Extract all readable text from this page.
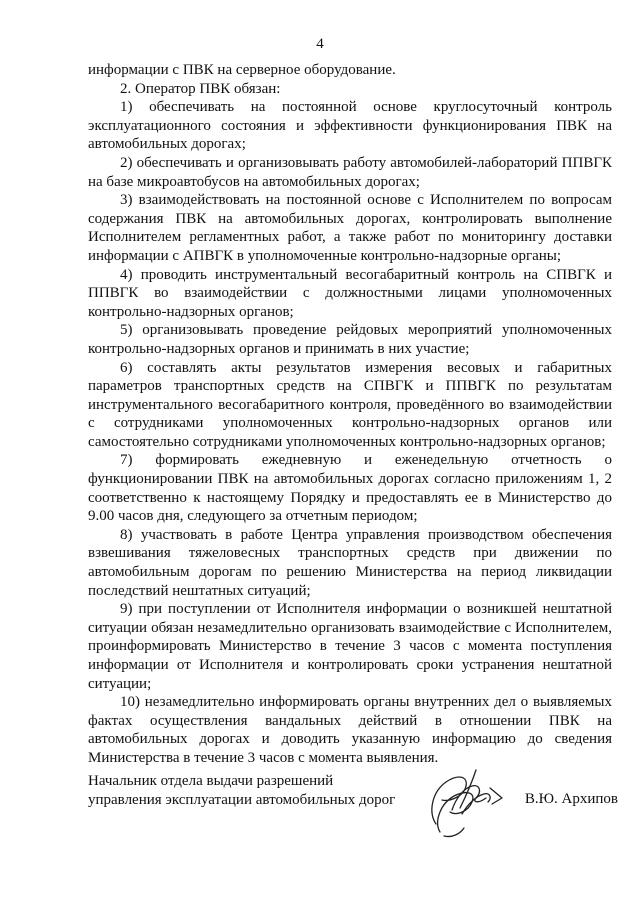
4

информации с ПВК на серверное оборудование.

2. Оператор ПВК обязан:

1) обеспечивать на постоянной основе круглосуточный контроль эксплуатационного состояния и эффективности функционирования ПВК на автомобильных дорогах;

2) обеспечивать и организовывать работу автомобилей-лабораторий ППВГК на базе микроавтобусов на автомобильных дорогах;

3) взаимодействовать на постоянной основе с Исполнителем по вопросам содержания ПВК на автомобильных дорогах, контролировать выполнение Исполнителем регламентных работ, а также работ по мониторингу доставки информации с АПВГК в уполномоченные контрольно-надзорные органы;

4) проводить инструментальный весогабаритный контроль на СПВГК и ППВГК во взаимодействии с должностными лицами уполномоченных контрольно-надзорных органов;

5) организовывать проведение рейдовых мероприятий уполномоченных контрольно-надзорных органов и принимать в них участие;

6) составлять акты результатов измерения весовых и габаритных параметров транспортных средств на СПВГК и ППВГК по результатам инструментального весогабаритного контроля, проведённого во взаимодействии с сотрудниками уполномоченных контрольно-надзорных органов или самостоятельно сотрудниками уполномоченных контрольно-надзорных органов;

7) формировать ежедневную и еженедельную отчетность о функционировании ПВК на автомобильных дорогах согласно приложениям 1, 2 соответственно к настоящему Порядку и предоставлять ее в Министерство до 9.00 часов дня, следующего за отчетным периодом;

8) участвовать в работе Центра управления производством обеспечения взвешивания тяжеловесных транспортных средств при движении по автомобильным дорогам по решению Министерства на период ликвидации последствий нештатных ситуаций;

9) при поступлении от Исполнителя информации о возникшей нештатной ситуации обязан незамедлительно организовать взаимодействие с Исполнителем, проинформировать Министерство в течение 3 часов с момента поступления информации от Исполнителя и контролировать сроки устранения нештатной ситуации;

10) незамедлительно информировать органы внутренних дел о выявляемых фактах осуществления вандальных действий в отношении ПВК на автомобильных дорогах и доводить указанную информацию до сведения Министерства в течение 3 часов с момента выявления.

Начальник отдела выдачи разрешений
управления эксплуатации автомобильных дорог	В.Ю. Архипов
